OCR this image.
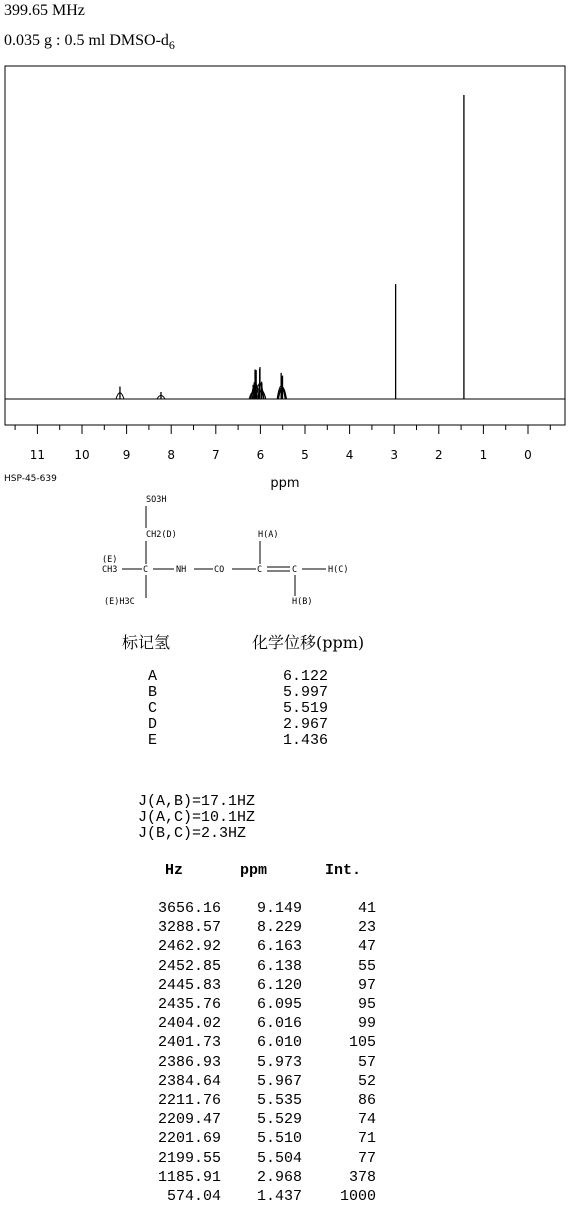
399.65 MHz
0.035 g : 0.5 ml DMSO-$d_6$
11 10	9	8	7	6	5	4	3	2	1	0
ppm
HSP-45-639
SO3H
CH2(D)	H(A)
(E)
CH3	C	NH	CO	C	C	H(C)
(E)H3C	H(B)
标记氢	化学位移(ppm)
A	6.122
B	5.997
C	5.519
D	2.967
E	1.436
J(A,B)=17.1HZ
J(A,C)=10.1HZ
J(B,C)=2.3HZ
Hz	ppm	Int.
3656.16	9.149	41
3288.57	8.229	23
2462.92	6.163	47
2452.85	6.138	55
2445.83	6.120	97
2435.76	6.095	95
2404.02	6.016	99
2401.73	6.010	105
2386.93	5.973	57
2384.64	5.967	52
2211.76	5.535	86
2209.47	5.529	74
2201.69	5.510	71
2199.55	5.504	77
1185.91	2.968	378
574.04	1.437	1000
